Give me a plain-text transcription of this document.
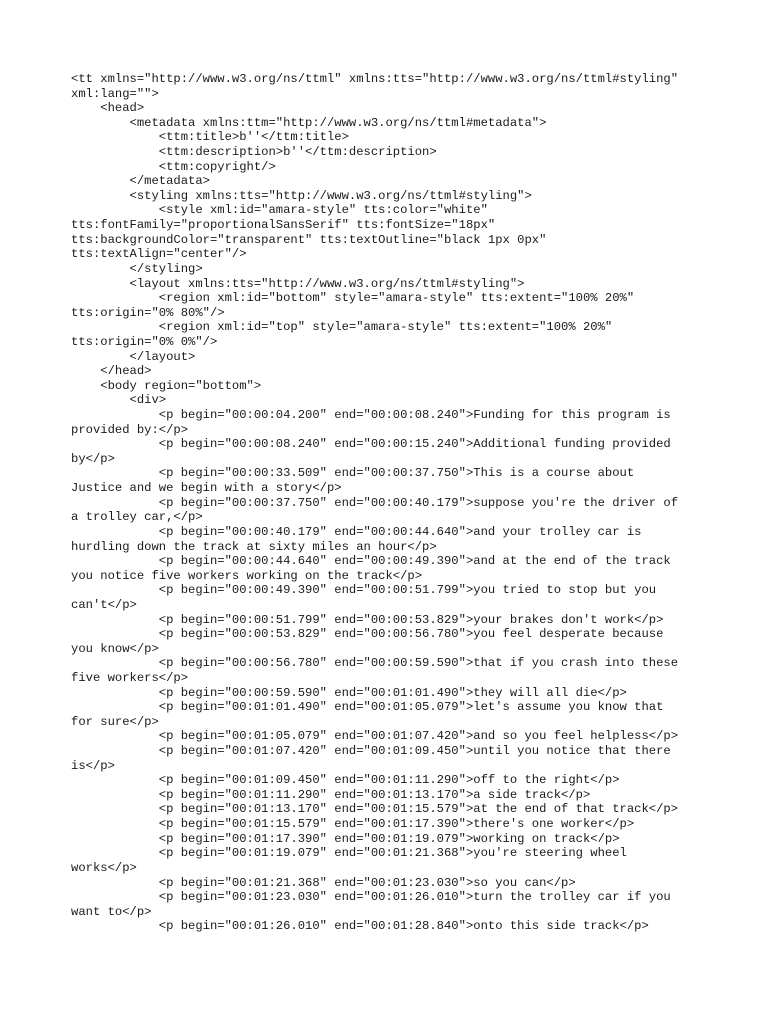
<tt xmlns="http://www.w3.org/ns/ttml" xmlns:tts="http://www.w3.org/ns/ttml#styling"
xml:lang="">
<head>
<metadata xmlns:ttm="http://www.w3.org/ns/ttml#metadata">
<ttm:title>b''</ttm:title>
<ttm:description>b''</ttm:description>
<ttm:copyright/>
</metadata>
<styling xmlns:tts="http://www.w3.org/ns/ttml#styling">
<style xml:id="amara-style" tts:color="white"
tts:fontFamily="proportionalSansSerif" tts:fontSize="18px"
tts:backgroundColor="transparent" tts:textOutline="black 1px 0px"
tts:textAlign="center"/>
</styling>
<layout xmlns:tts="http://www.w3.org/ns/ttml#styling">
<region xml:id="bottom" style="amara-style" tts:extent="100% 20%"
tts:origin="0% 80%"/>
<region xml:id="top" style="amara-style" tts:extent="100% 20%"
tts:origin="0% 0%"/>
</layout>
</head>
<body region="bottom">
<div>
<p begin="00:00:04.200" end="00:00:08.240">Funding for this program is
provided by:</p>
<p begin="00:00:08.240" end="00:00:15.240">Additional funding provided
by</p>
<p begin="00:00:33.509" end="00:00:37.750">This is a course about
Justice and we begin with a story</p>
<p begin="00:00:37.750" end="00:00:40.179">suppose you're the driver of
a trolley car,</p>
<p begin="00:00:40.179" end="00:00:44.640">and your trolley car is
hurdling down the track at sixty miles an hour</p>
<p begin="00:00:44.640" end="00:00:49.390">and at the end of the track
you notice five workers working on the track</p>
<p begin="00:00:49.390" end="00:00:51.799">you tried to stop but you
can't</p>
<p begin="00:00:51.799" end="00:00:53.829">your brakes don't work</p>
<p begin="00:00:53.829" end="00:00:56.780">you feel desperate because
you know</p>
<p begin="00:00:56.780" end="00:00:59.590">that if you crash into these
five workers</p>
<p begin="00:00:59.590" end="00:01:01.490">they will all die</p>
<p begin="00:01:01.490" end="00:01:05.079">let's assume you know that
for sure</p>
<p begin="00:01:05.079" end="00:01:07.420">and so you feel helpless</p>
<p begin="00:01:07.420" end="00:01:09.450">until you notice that there
is</p>
<p begin="00:01:09.450" end="00:01:11.290">off to the right</p>
<p begin="00:01:11.290" end="00:01:13.170">a side track</p>
<p begin="00:01:13.170" end="00:01:15.579">at the end of that track</p>
<p begin="00:01:15.579" end="00:01:17.390">there's one worker</p>
<p begin="00:01:17.390" end="00:01:19.079">working on track</p>
<p begin="00:01:19.079" end="00:01:21.368">you're steering wheel
works</p>
<p begin="00:01:21.368" end="00:01:23.030">so you can</p>
<p begin="00:01:23.030" end="00:01:26.010">turn the trolley car if you
want to</p>
<p begin="00:01:26.010" end="00:01:28.840">onto this side track</p>
